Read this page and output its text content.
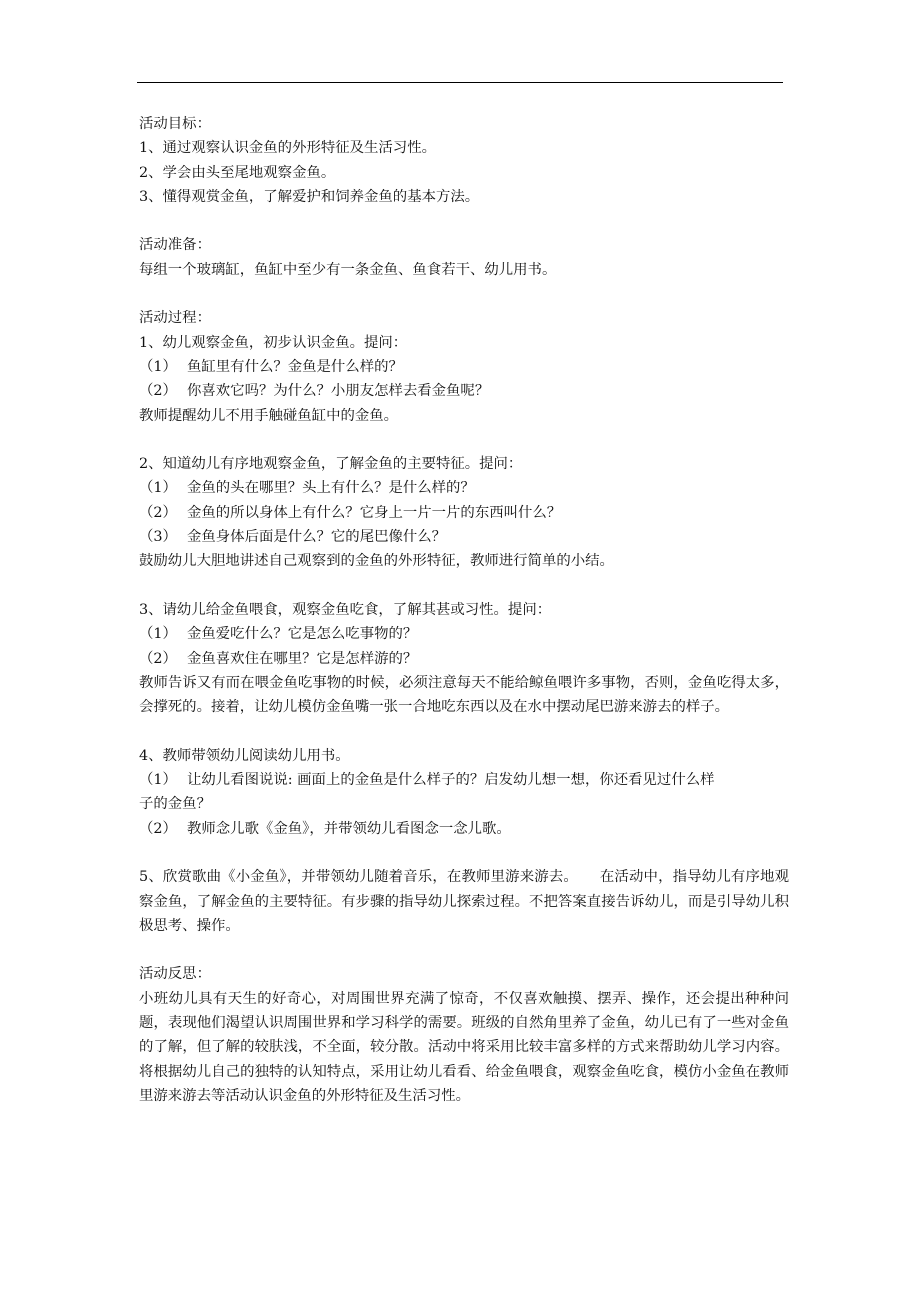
活动目标：
1、通过观察认识金鱼的外形特征及生活习性。
2、学会由头至尾地观察金鱼。
3、懂得观赏金鱼，了解爱护和饲养金鱼的基本方法。
活动准备：
每组一个玻璃缸，鱼缸中至少有一条金鱼、鱼食若干、幼儿用书。
活动过程：
1、幼儿观察金鱼，初步认识金鱼。提问：
（1） 鱼缸里有什么？金鱼是什么样的？
（2） 你喜欢它吗？为什么？小朋友怎样去看金鱼呢？
教师提醒幼儿不用手触碰鱼缸中的金鱼。
2、知道幼儿有序地观察金鱼，了解金鱼的主要特征。提问：
（1） 金鱼的头在哪里？头上有什么？是什么样的？
（2） 金鱼的所以身体上有什么？它身上一片一片的东西叫什么？
（3） 金鱼身体后面是什么？它的尾巴像什么？
鼓励幼儿大胆地讲述自己观察到的金鱼的外形特征，教师进行简单的小结。
3、请幼儿给金鱼喂食，观察金鱼吃食，了解其甚或习性。提问：
（1） 金鱼爱吃什么？它是怎么吃事物的？
（2） 金鱼喜欢住在哪里？它是怎样游的？
教师告诉又有而在喂金鱼吃事物的时候，必须注意每天不能给鲸鱼喂许多事物，否则，金鱼吃得太多，会撑死的。接着，让幼儿模仿金鱼嘴一张一合地吃东西以及在水中摆动尾巴游来游去的样子。
4、教师带领幼儿阅读幼儿用书。
（1） 让幼儿看图说说: 画面上的金鱼是什么样子的？启发幼儿想一想，你还看见过什么样
子的金鱼？
（2） 教师念儿歌《金鱼》，并带领幼儿看图念一念儿歌。
5、欣赏歌曲《小金鱼》，并带领幼儿随着音乐，在教师里游来游去。　　在活动中，指导幼儿有序地观察金鱼，了解金鱼的主要特征。有步骤的指导幼儿探索过程。不把答案直接告诉幼儿，而是引导幼儿积极思考、操作。
活动反思：
小班幼儿具有天生的好奇心，对周围世界充满了惊奇，不仅喜欢触摸、摆弄、操作，还会提出种种问题，表现他们渴望认识周围世界和学习科学的需要。班级的自然角里养了金鱼，幼儿已有了一些对金鱼的了解，但了解的较肤浅，不全面，较分散。活动中将采用比较丰富多样的方式来帮助幼儿学习内容。将根据幼儿自己的独特的认知特点，采用让幼儿看看、给金鱼喂食，观察金鱼吃食，模仿小金鱼在教师里游来游去等活动认识金鱼的外形特征及生活习性。
